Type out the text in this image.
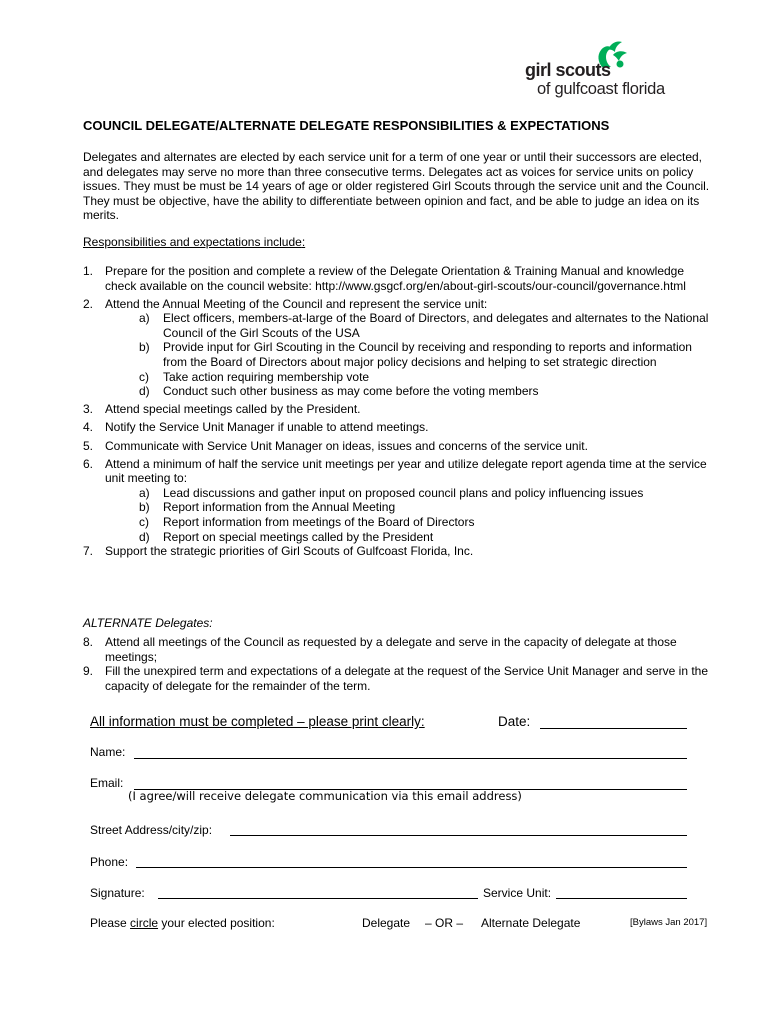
girl scouts
of gulfcoast florida
COUNCIL DELEGATE/ALTERNATE DELEGATE RESPONSIBILITIES & EXPECTATIONS
Delegates and alternates are elected by each service unit for a term of one year or until their successors are elected, and delegates may serve no more than three consecutive terms. Delegates act as voices for service units on policy issues. They must be must be 14 years of age or older registered Girl Scouts through the service unit and the Council. They must be objective, have the ability to differentiate between opinion and fact, and be able to judge an idea on its merits.
Responsibilities and expectations include:
1. Prepare for the position and complete a review of the Delegate Orientation & Training Manual and knowledge check available on the council website: http://www.gsgcf.org/en/about-girl-scouts/our-council/governance.html
2. Attend the Annual Meeting of the Council and represent the service unit:
a) Elect officers, members-at-large of the Board of Directors, and delegates and alternates to the National Council of the Girl Scouts of the USA
b) Provide input for Girl Scouting in the Council by receiving and responding to reports and information from the Board of Directors about major policy decisions and helping to set strategic direction
c) Take action requiring membership vote
d) Conduct such other business as may come before the voting members
3. Attend special meetings called by the President.
4. Notify the Service Unit Manager if unable to attend meetings.
5. Communicate with Service Unit Manager on ideas, issues and concerns of the service unit.
6. Attend a minimum of half the service unit meetings per year and utilize delegate report agenda time at the service unit meeting to:
a) Lead discussions and gather input on proposed council plans and policy influencing issues
b) Report information from the Annual Meeting
c) Report information from meetings of the Board of Directors
d) Report on special meetings called by the President
7. Support the strategic priorities of Girl Scouts of Gulfcoast Florida, Inc.
ALTERNATE Delegates:
8. Attend all meetings of the Council as requested by a delegate and serve in the capacity of delegate at those meetings;
9. Fill the unexpired term and expectations of a delegate at the request of the Service Unit Manager and serve in the capacity of delegate for the remainder of the term.
All information must be completed – please print clearly:	Date:
Name:
Email:
(I agree/will receive delegate communication via this email address)
Street Address/city/zip:
Phone:
Signature:	Service Unit:
Please circle your elected position:	Delegate – OR – Alternate Delegate	[Bylaws Jan 2017]
